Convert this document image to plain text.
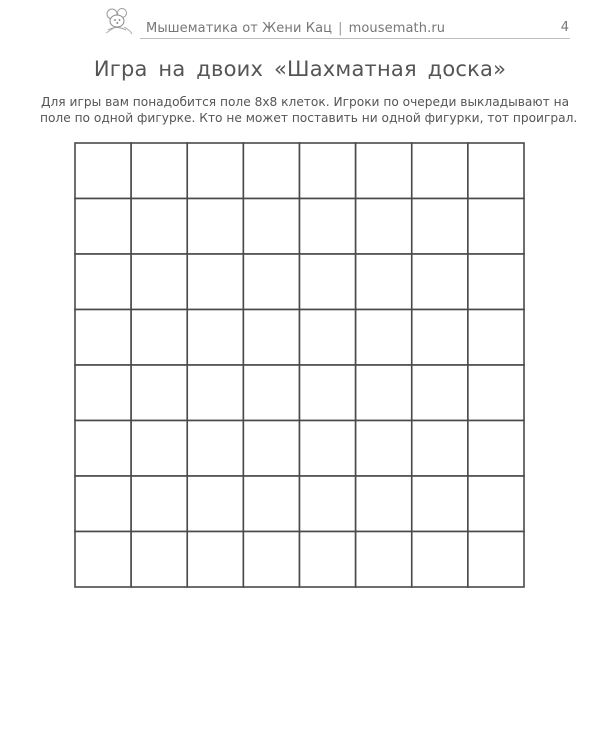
Мышематика от Жени Кац | mousemath.ru	4
Игра на двоих «Шахматная доска»
Для игры вам понадобится поле 8х8 клеток. Игроки по очереди выкладывают на
поле по одной фигурке. Кто не может поставить ни одной фигурки, тот проиграл.
